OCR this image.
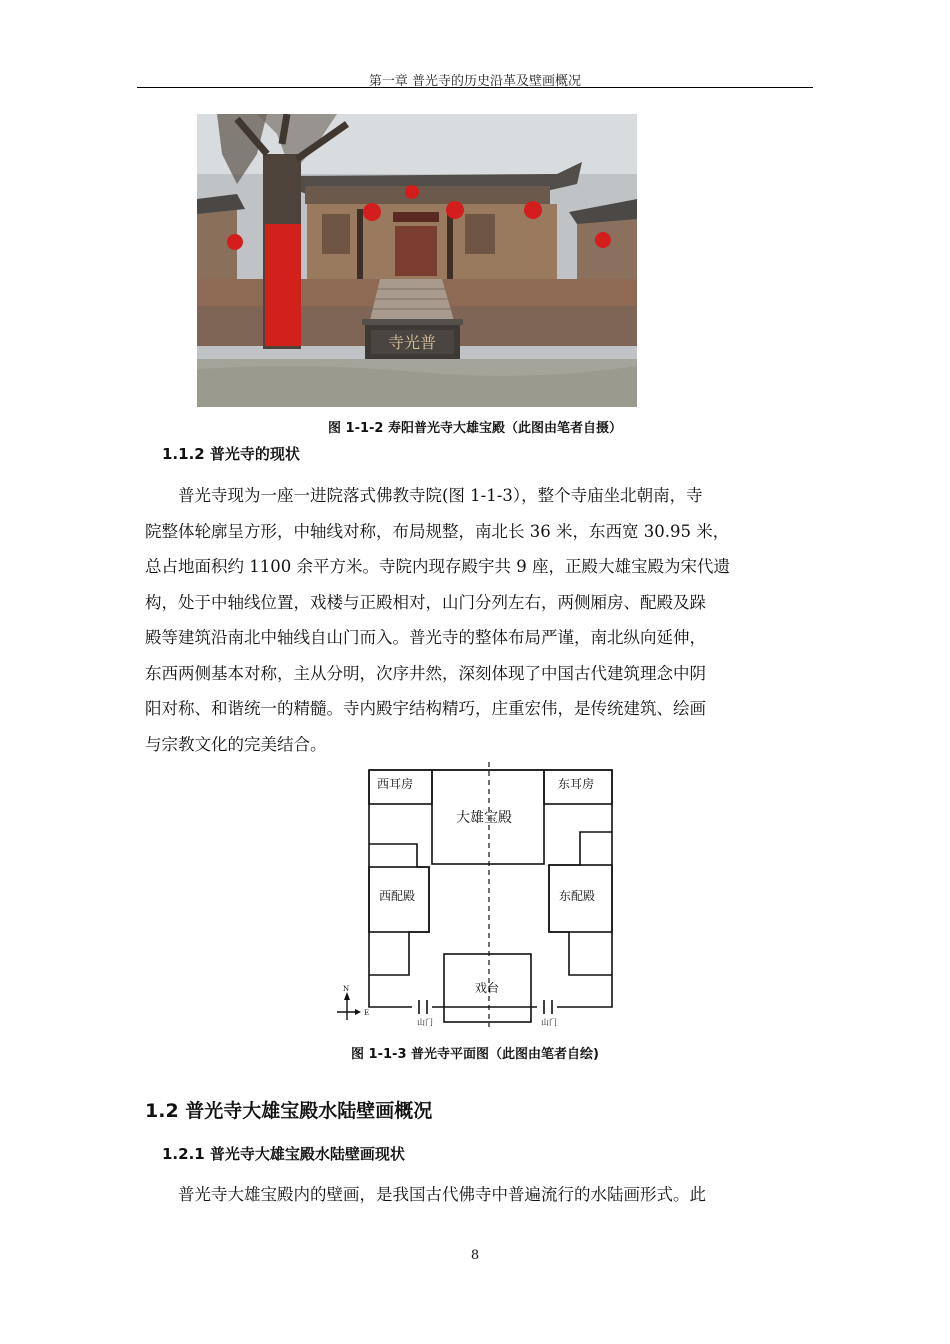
第一章 普光寺的历史沿革及壁画概况
寺光普
图 1-1-2 寿阳普光寺大雄宝殿（此图由笔者自摄）
1.1.2 普光寺的现状
普光寺现为一座一进院落式佛教寺院(图 1-1-3），整个寺庙坐北朝南，寺
院整体轮廓呈方形，中轴线对称，布局规整，南北长 36 米，东西宽 30.95 米，
总占地面积约 1100 余平方米。寺院内现存殿宇共 9 座，正殿大雄宝殿为宋代遗
构，处于中轴线位置，戏楼与正殿相对，山门分列左右，两侧厢房、配殿及跺
殿等建筑沿南北中轴线自山门而入。普光寺的整体布局严谨，南北纵向延伸，
东西两侧基本对称，主从分明，次序井然，深刻体现了中国古代建筑理念中阴
阳对称、和谐统一的精髓。寺内殿宇结构精巧，庄重宏伟，是传统建筑、绘画
与宗教文化的完美结合。
西耳房	东耳房
大雄宝殿
西配殿	东配殿
戏台
山门	山门
N
E
图 1-1-3 普光寺平面图（此图由笔者自绘)
1.2 普光寺大雄宝殿水陆壁画概况
1.2.1 普光寺大雄宝殿水陆壁画现状
普光寺大雄宝殿内的壁画，是我国古代佛寺中普遍流行的水陆画形式。此
8
